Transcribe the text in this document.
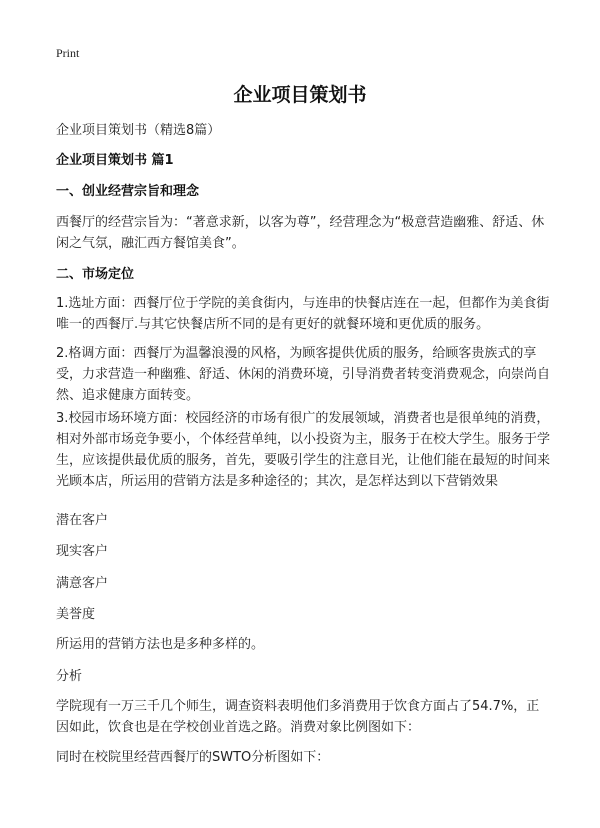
Print
企业项目策划书
企业项目策划书（精选8篇）
企业项目策划书 篇1
一、创业经营宗旨和理念
西餐厅的经营宗旨为：“著意求新，以客为尊”，经营理念为“极意营造幽雅、舒适、休闲之气氛，融汇西方餐馆美食”。
二、市场定位
1.选址方面：西餐厅位于学院的美食街内，与连串的快餐店连在一起，但都作为美食街唯一的西餐厅.与其它快餐店所不同的是有更好的就餐环境和更优质的服务。
2.格调方面：西餐厅为温馨浪漫的风格，为顾客提供优质的服务，给顾客贵族式的享受，力求营造一种幽雅、舒适、休闲的消费环境，引导消费者转变消费观念，向崇尚自然、追求健康方面转变。
3.校园市场环境方面：校园经济的市场有很广的发展领域，消费者也是很单纯的消费，相对外部市场竞争要小，个体经营单纯，以小投资为主，服务于在校大学生。服务于学生，应该提供最优质的服务，首先，要吸引学生的注意目光，让他们能在最短的时间来光顾本店，所运用的营销方法是多种途径的；其次，是怎样达到以下营销效果
潜在客户
现实客户
满意客户
美誉度
所运用的营销方法也是多种多样的。
分析
学院现有一万三千几个师生，调查资料表明他们多消费用于饮食方面占了54.7%，正因如此，饮食也是在学校创业首选之路。消费对象比例图如下：
同时在校院里经营西餐厅的SWTO分析图如下：
